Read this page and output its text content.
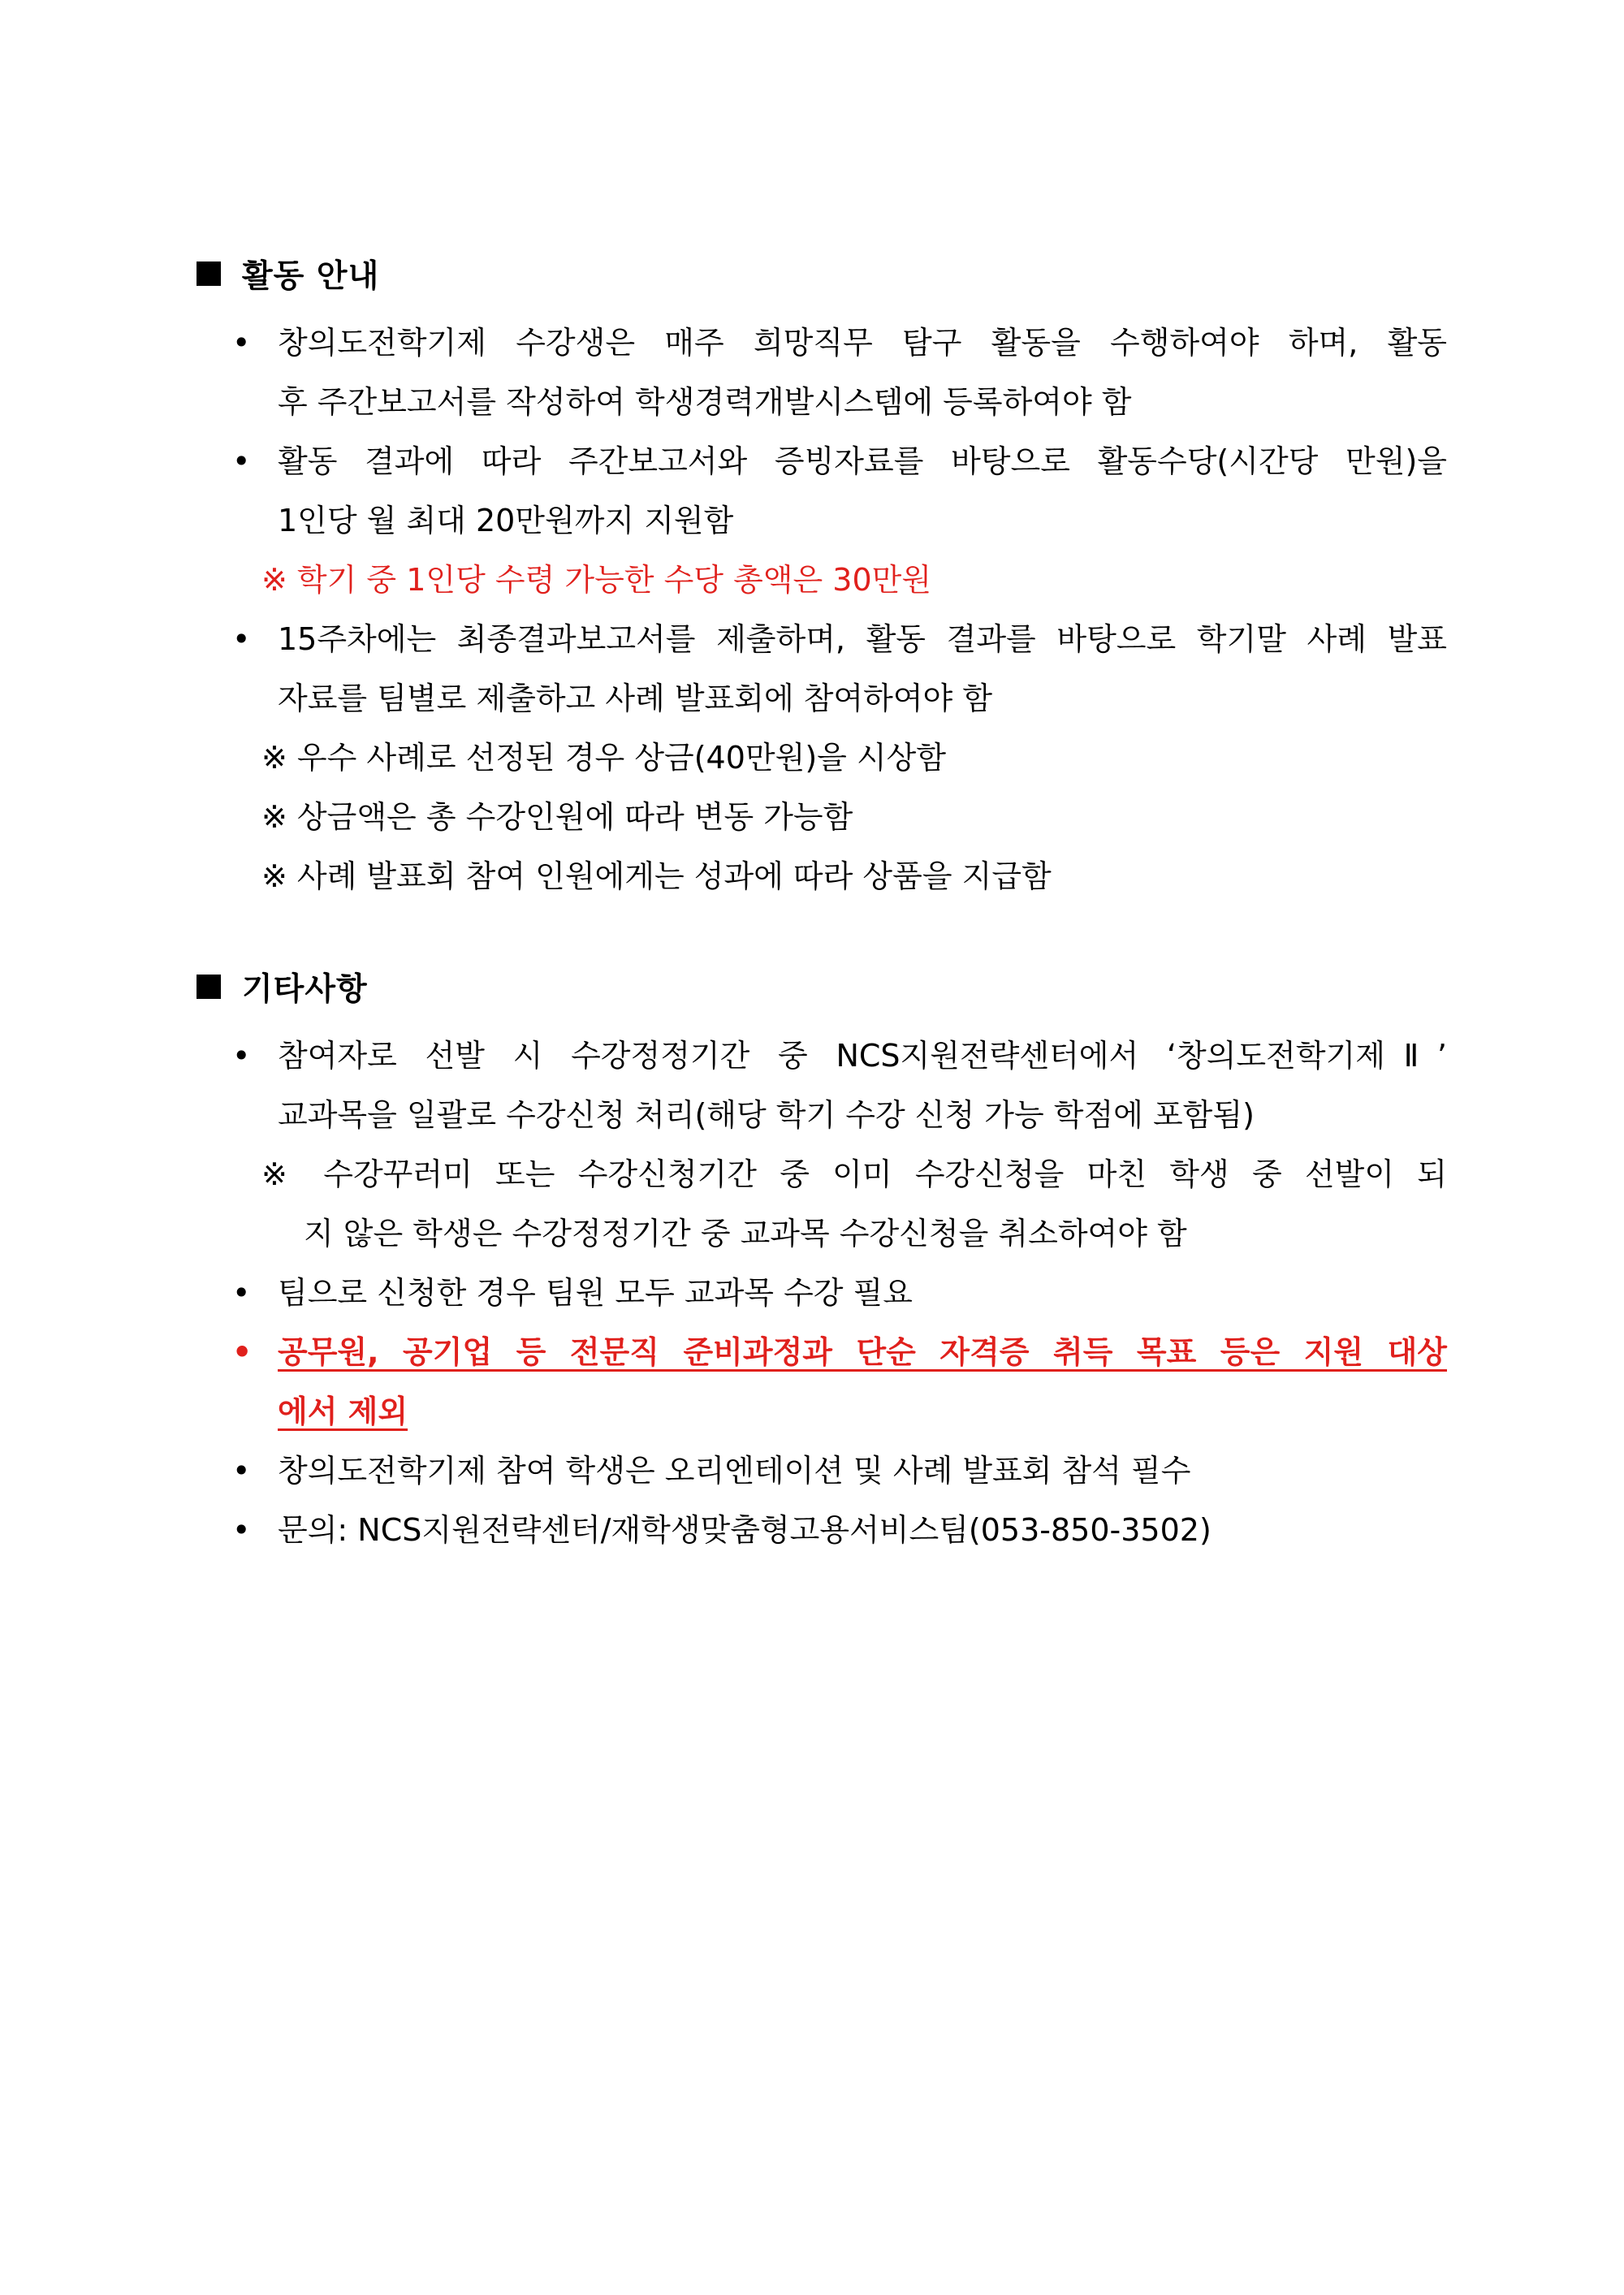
활동 안내
• 창의도전학기제 수강생은 매주 희망직무 탐구 활동을 수행하여야 하며, 활동
후 주간보고서를 작성하여 학생경력개발시스템에 등록하여야 함
• 활동 결과에 따라 주간보고서와 증빙자료를 바탕으로 활동수당(시간당 만원)을
1인당 월 최대 20만원까지 지원함
※ 학기 중 1인당 수령 가능한 수당 총액은 30만원
• 15주차에는 최종결과보고서를 제출하며, 활동 결과를 바탕으로 학기말 사례 발표
자료를 팀별로 제출하고 사례 발표회에 참여하여야 함
※ 우수 사례로 선정된 경우 상금(40만원)을 시상함
※ 상금액은 총 수강인원에 따라 변동 가능함
※ 사례 발표회 참여 인원에게는 성과에 따라 상품을 지급함
기타사항
• 참여자로 선발 시 수강정정기간 중 NCS지원전략센터에서 ‘창의도전학기제Ⅱ’
교과목을 일괄로 수강신청 처리(해당 학기 수강 신청 가능 학점에 포함됨)
※ 수강꾸러미 또는 수강신청기간 중 이미 수강신청을 마친 학생 중 선발이 되
지 않은 학생은 수강정정기간 중 교과목 수강신청을 취소하여야 함
• 팀으로 신청한 경우 팀원 모두 교과목 수강 필요
• 공무원, 공기업 등 전문직 준비과정과 단순 자격증 취득 목표 등은 지원 대상
에서 제외
• 창의도전학기제 참여 학생은 오리엔테이션 및 사례 발표회 참석 필수
• 문의: NCS지원전략센터/재학생맞춤형고용서비스팀(053-850-3502)
